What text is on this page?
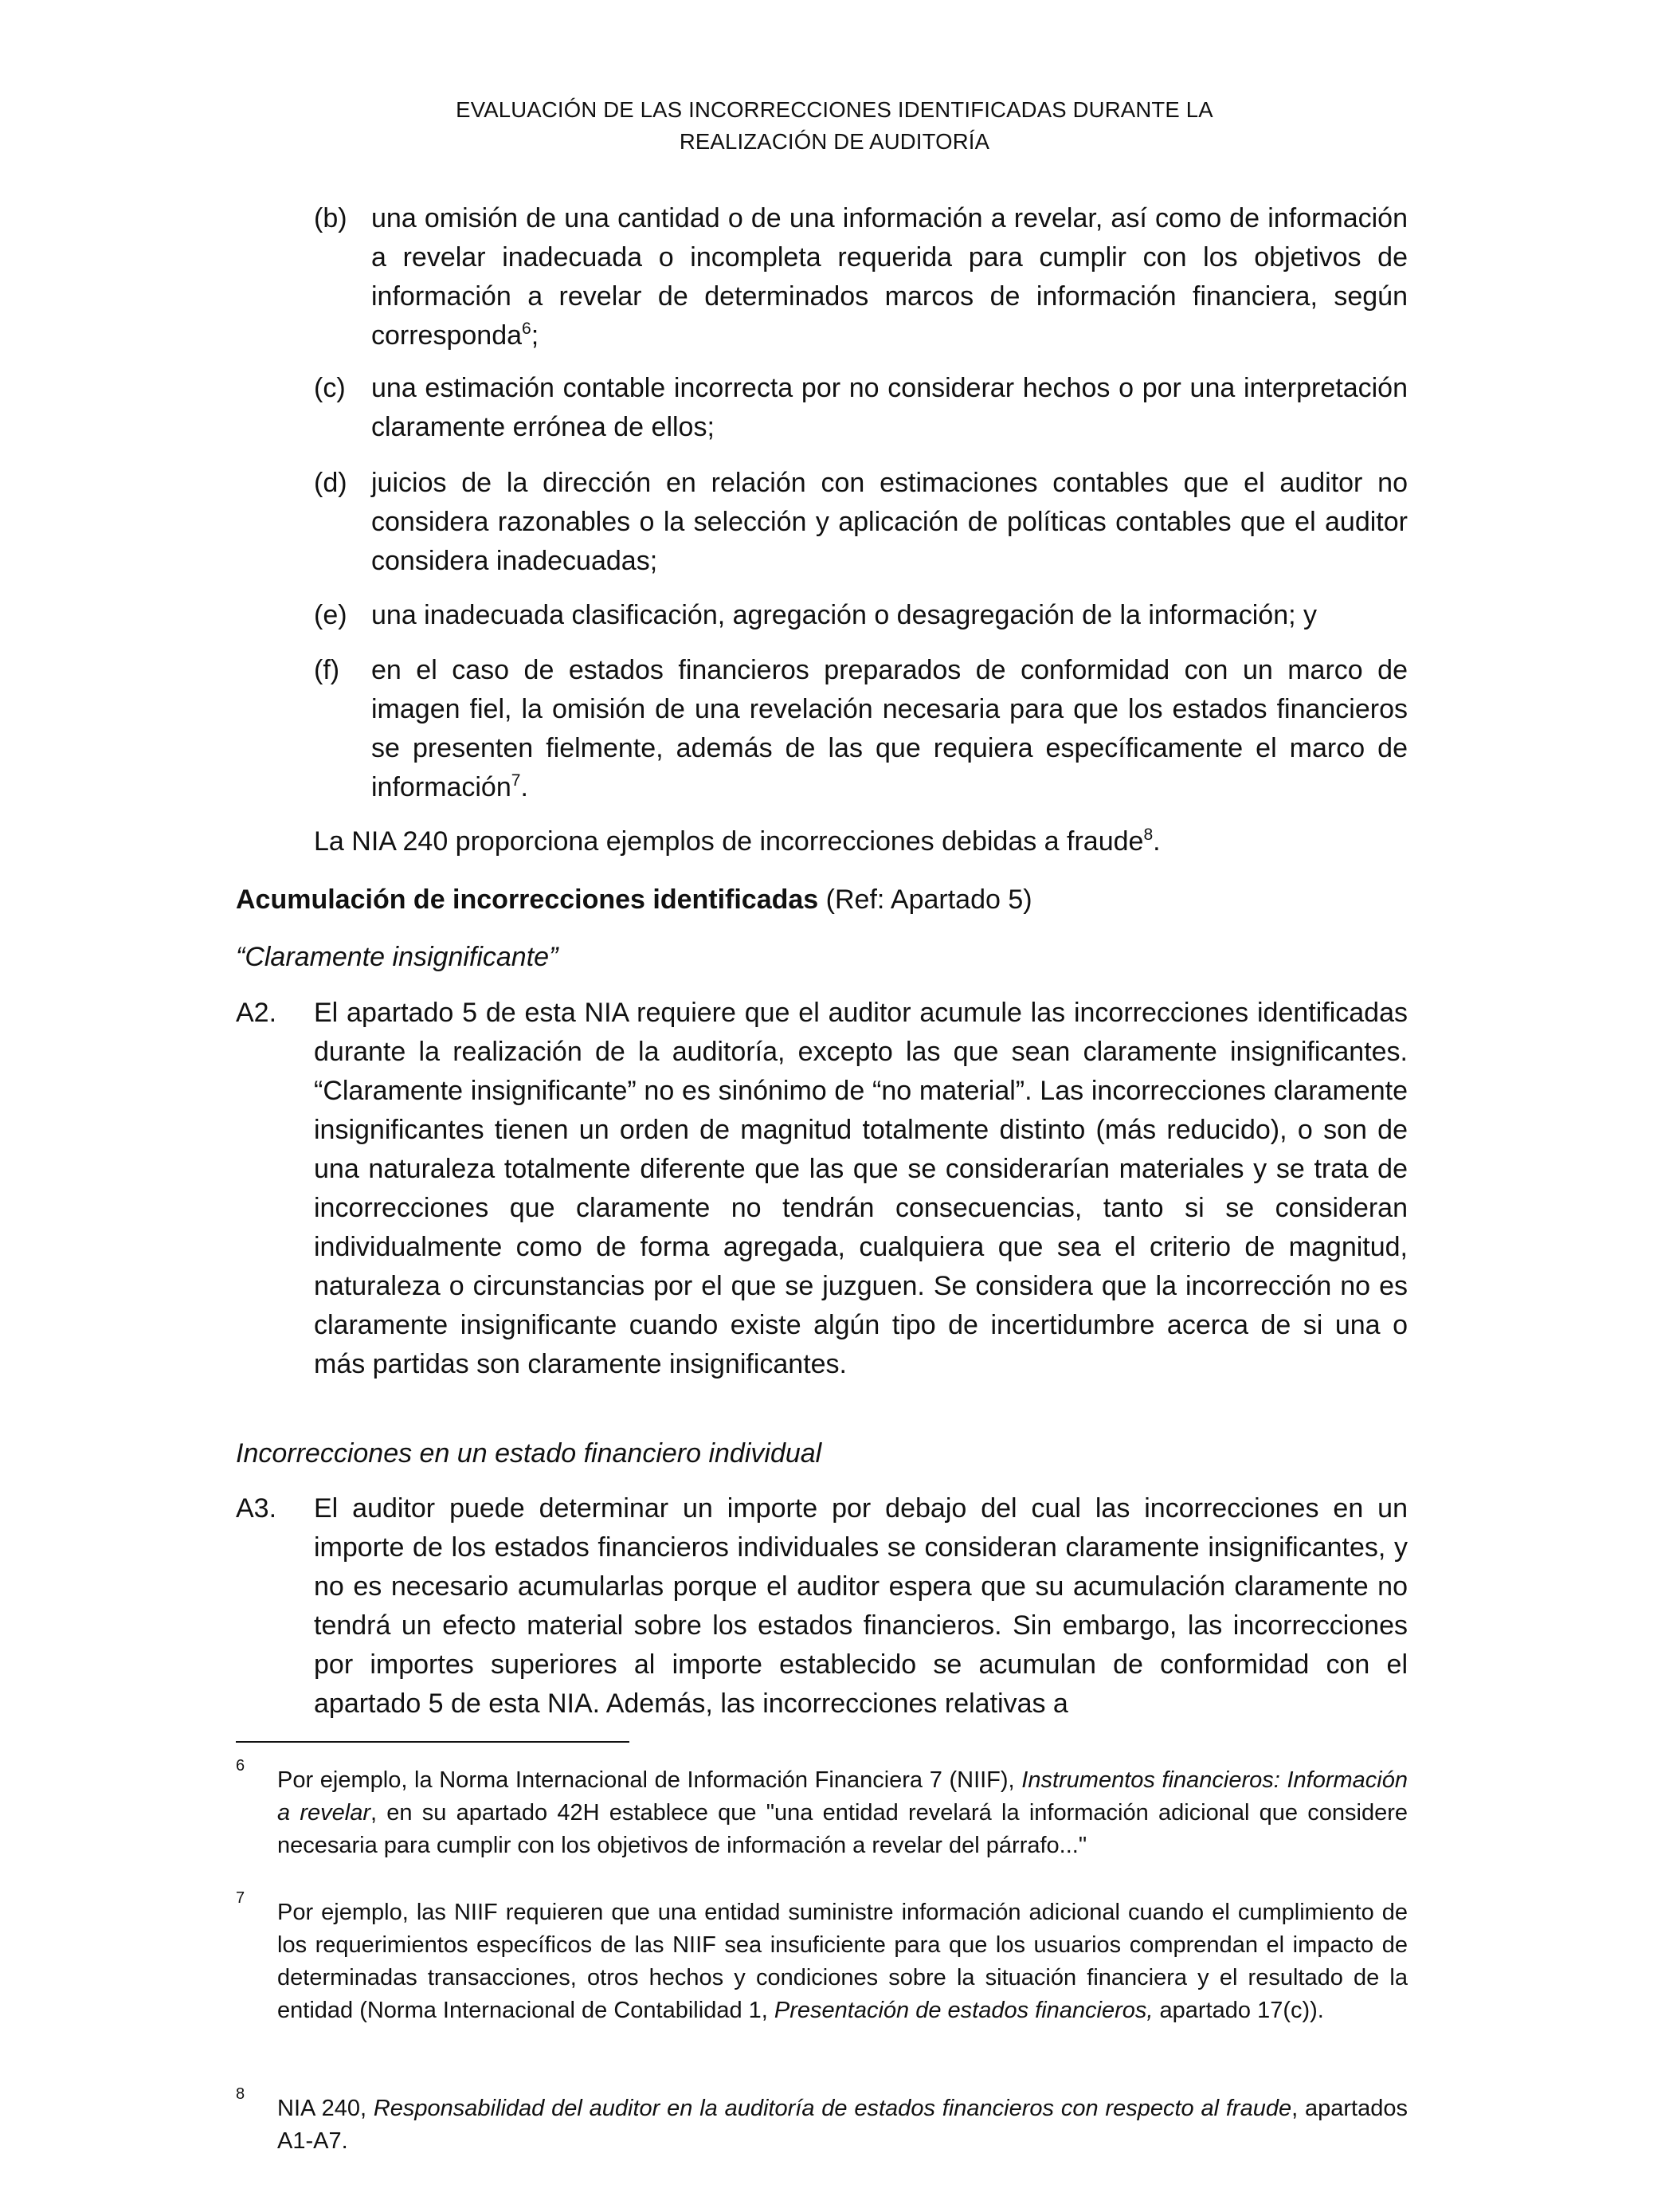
EVALUACIÓN DE LAS INCORRECCIONES IDENTIFICADAS DURANTE LA
REALIZACIÓN DE AUDITORÍA
(b) una omisión de una cantidad o de una información a revelar, así como de información a revelar inadecuada o incompleta requerida para cumplir con los objetivos de información a revelar de determinados marcos de información financiera, según corresponda$^6$;
(c) una estimación contable incorrecta por no considerar hechos o por una interpretación claramente errónea de ellos;
(d) juicios de la dirección en relación con estimaciones contables que el auditor no considera razonables o la selección y aplicación de políticas contables que el auditor considera inadecuadas;
(e) una inadecuada clasificación, agregación o desagregación de la información; y
(f) en el caso de estados financieros preparados de conformidad con un marco de imagen fiel, la omisión de una revelación necesaria para que los estados financieros se presenten fielmente, además de las que requiera específicamente el marco de información$^7$.
La NIA 240 proporciona ejemplos de incorrecciones debidas a fraude$^8$.
Acumulación de incorrecciones identificadas (Ref: Apartado 5)
“Claramente insignificante”
A2. El apartado 5 de esta NIA requiere que el auditor acumule las incorrecciones identificadas durante la realización de la auditoría, excepto las que sean claramente insignificantes. “Claramente insignificante” no es sinónimo de “no material”. Las incorrecciones claramente insignificantes tienen un orden de magnitud totalmente distinto (más reducido), o son de una naturaleza totalmente diferente que las que se considerarían materiales y se trata de incorrecciones que claramente no tendrán consecuencias, tanto si se consideran individualmente como de forma agregada, cualquiera que sea el criterio de magnitud, naturaleza o circunstancias por el que se juzguen. Se considera que la incorrección no es claramente insignificante cuando existe algún tipo de incertidumbre acerca de si una o más partidas son claramente insignificantes.
Incorrecciones en un estado financiero individual
A3. El auditor puede determinar un importe por debajo del cual las incorrecciones en un importe de los estados financieros individuales se consideran claramente insignificantes, y no es necesario acumularlas porque el auditor espera que su acumulación claramente no tendrá un efecto material sobre los estados financieros. Sin embargo, las incorrecciones por importes superiores al importe establecido se acumulan de conformidad con el apartado 5 de esta NIA. Además, las incorrecciones relativas a
6
Por ejemplo, la Norma Internacional de Información Financiera 7 (NIIF), Instrumentos financieros: Información a revelar, en su apartado 42H establece que "una entidad revelará la información adicional que considere necesaria para cumplir con los objetivos de información a revelar del párrafo..."
7
Por ejemplo, las NIIF requieren que una entidad suministre información adicional cuando el cumplimiento de los requerimientos específicos de las NIIF sea insuficiente para que los usuarios comprendan el impacto de determinadas transacciones, otros hechos y condiciones sobre la situación financiera y el resultado de la entidad (Norma Internacional de Contabilidad 1, Presentación de estados financieros, apartado 17(c)).
8
NIA 240, Responsabilidad del auditor en la auditoría de estados financieros con respecto al fraude, apartados A1-A7.
